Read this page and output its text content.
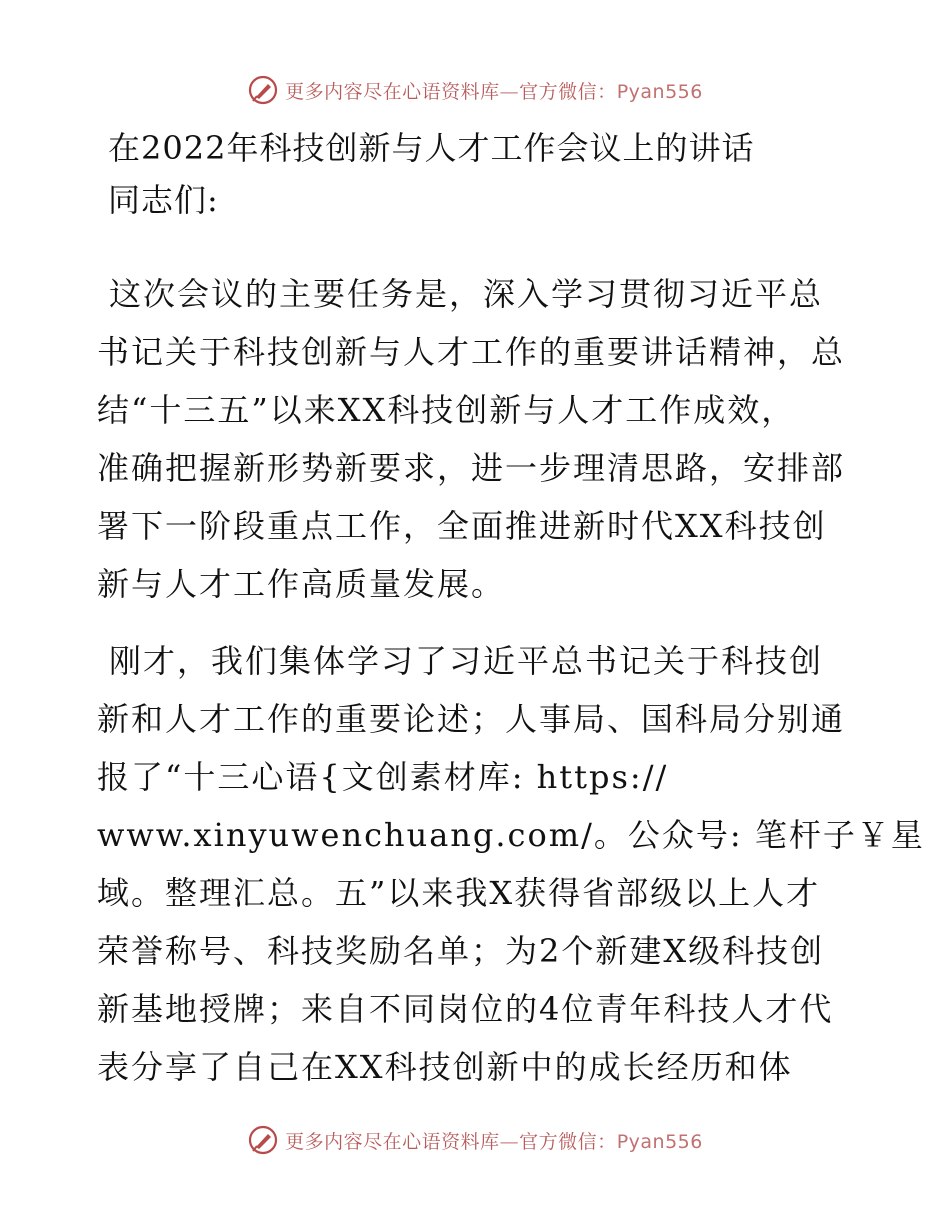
更多内容尽在心语资料库—官方微信：Pyan556
在2022年科技创新与人才工作会议上的讲话
同志们:
这次会议的主要任务是，深入学习贯彻习近平总
书记关于科技创新与人才工作的重要讲话精神，总
结“十三五”以来XX科技创新与人才工作成效，
准确把握新形势新要求，进一步理清思路，安排部
署下一阶段重点工作，全面推进新时代XX科技创
新与人才工作高质量发展。
刚才，我们集体学习了习近平总书记关于科技创
新和人才工作的重要论述；人事局、国科局分别通
报了“十三心语{文创素材库: https://
www.xinyuwenchuang.com/。公众号: 笔杆子￥星
域。整理汇总。五”以来我X获得省部级以上人才
荣誉称号、科技奖励名单；为2个新建X级科技创
新基地授牌；来自不同岗位的4位青年科技人才代
表分享了自己在XX科技创新中的成长经历和体
更多内容尽在心语资料库—官方微信：Pyan556
